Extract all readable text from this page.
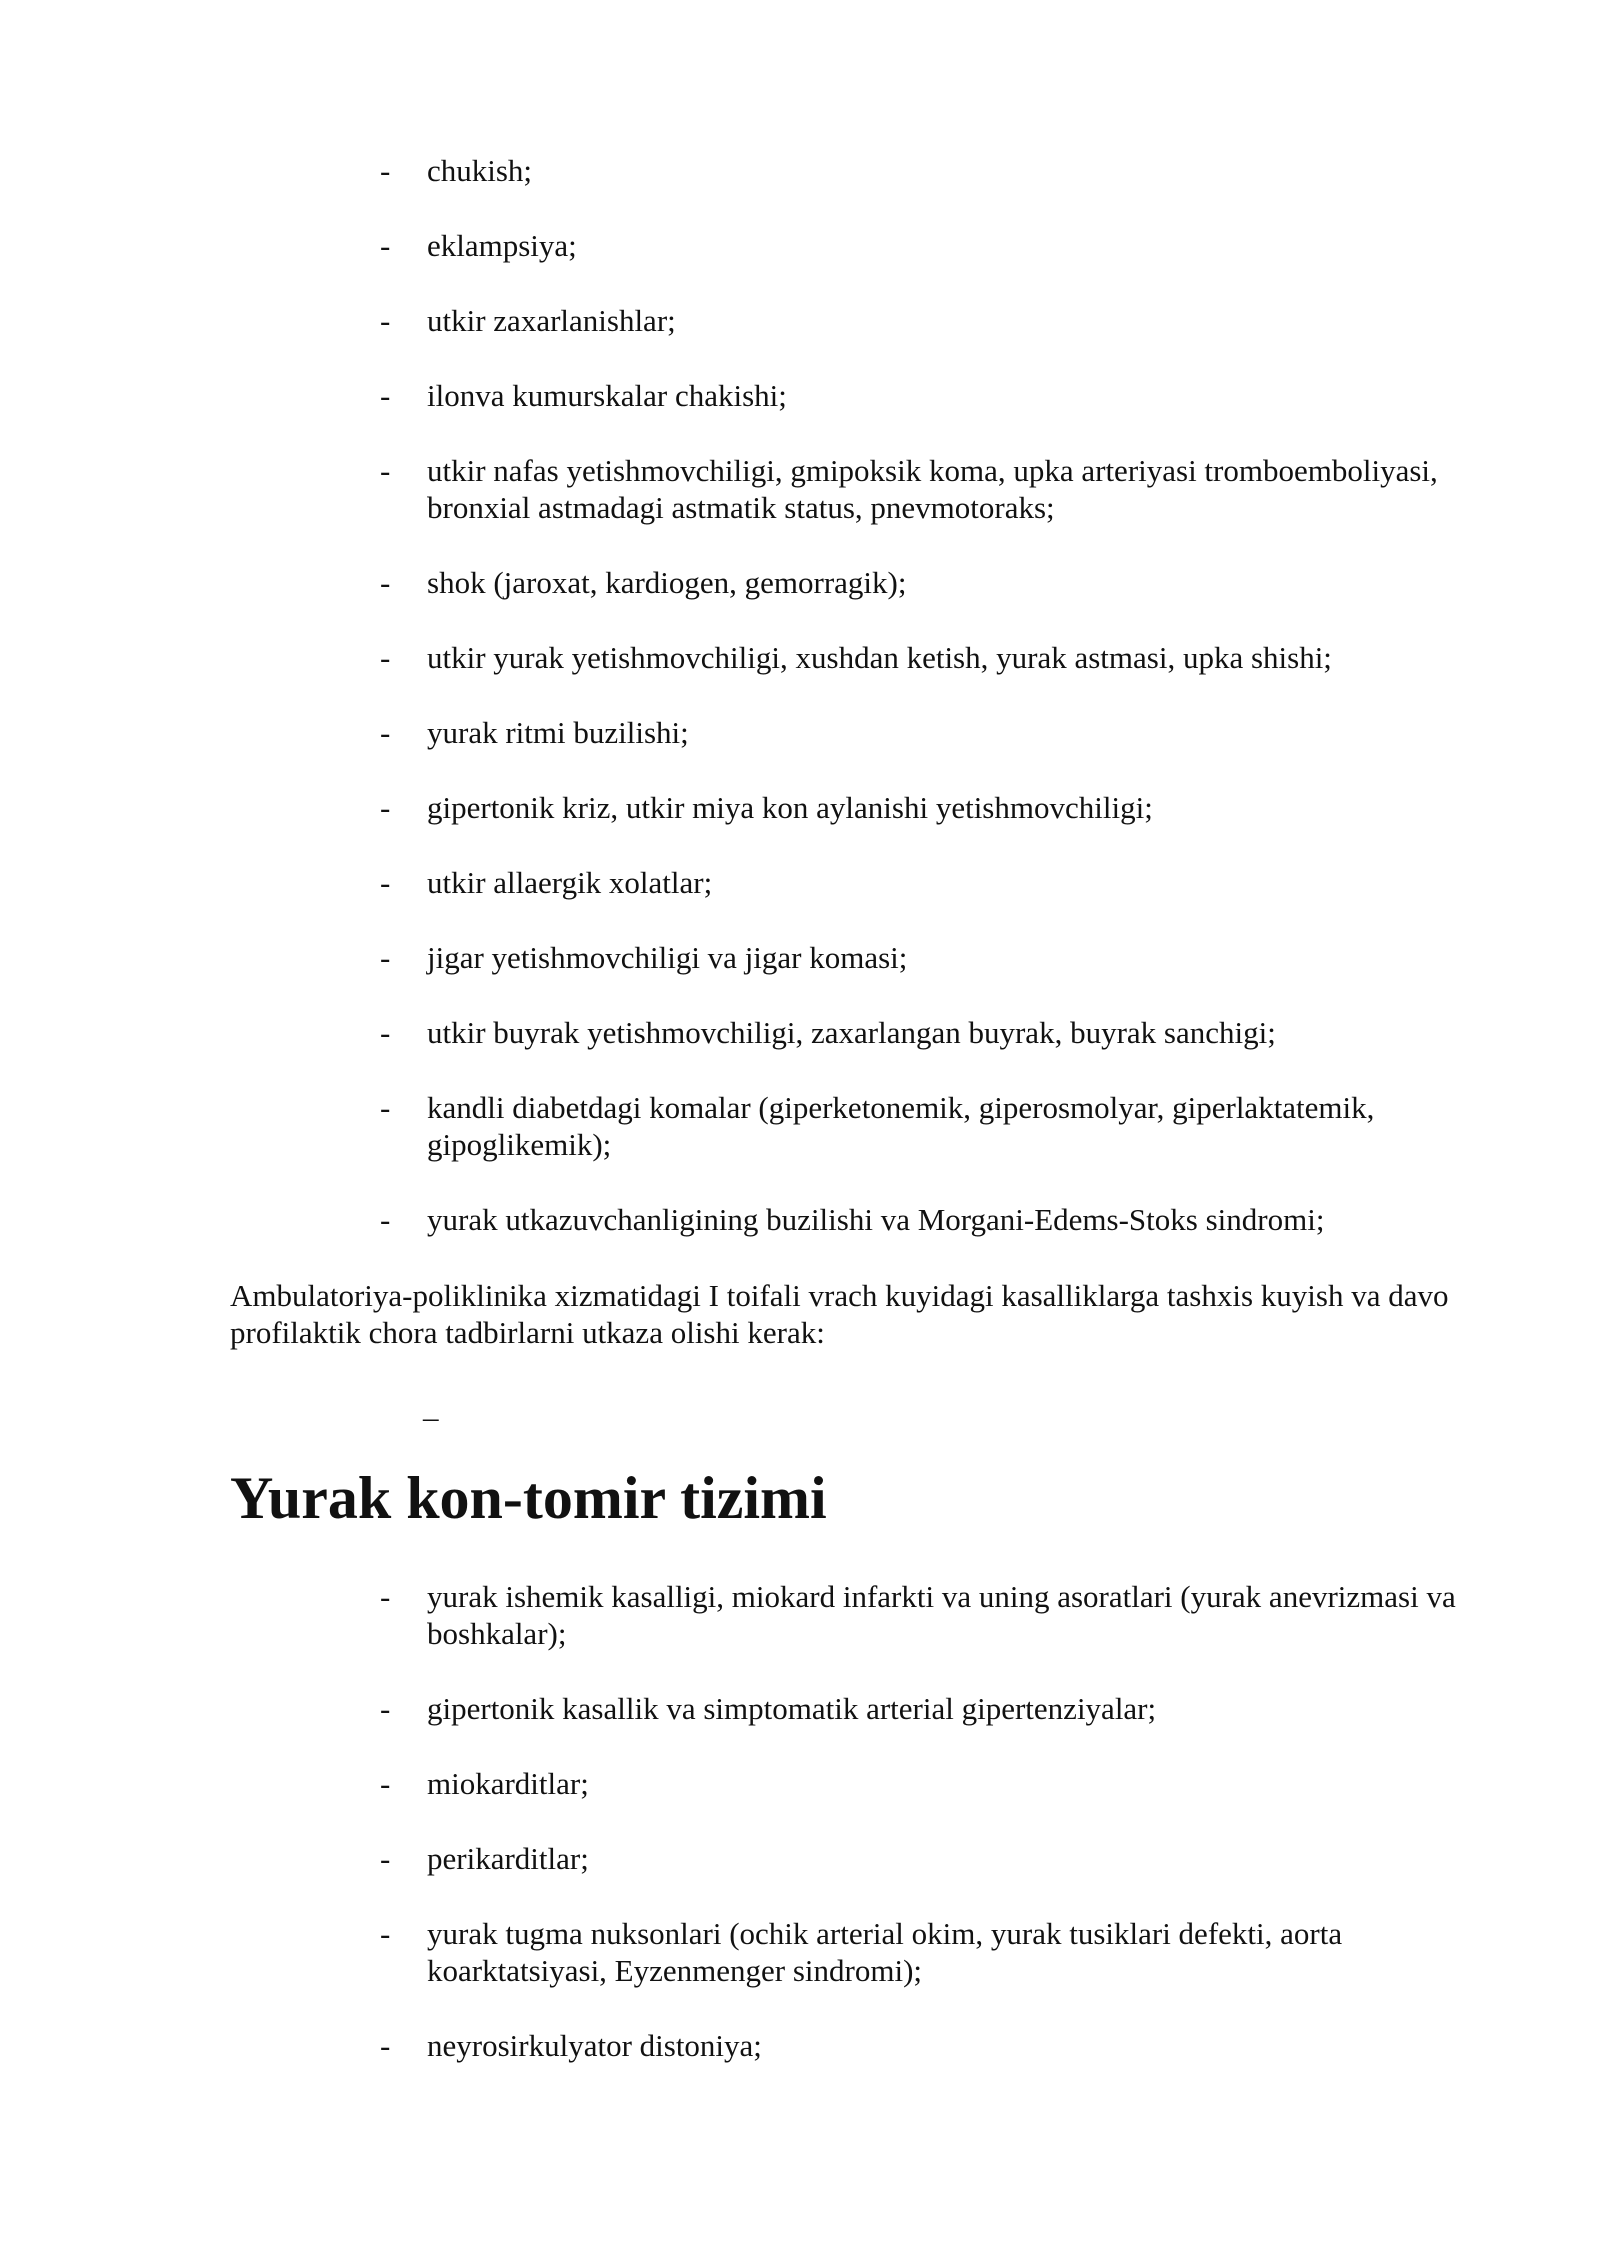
-	chukish;
-	eklampsiya;
-	utkir zaxarlanishlar;
-	ilonva kumurskalar chakishi;
-	utkir nafas yetishmovchiligi, gmipoksik koma, upka arteriyasi tromboemboliyasi, bronxial astmadagi astmatik status, pnevmotoraks;
-	shok (jaroxat, kardiogen, gemorragik);
-	utkir yurak yetishmovchiligi, xushdan ketish, yurak astmasi, upka shishi;
-	yurak ritmi buzilishi;
-	gipertonik kriz, utkir miya kon aylanishi yetishmovchiligi;
-	utkir allaergik xolatlar;
-	jigar yetishmovchiligi va jigar komasi;
-	utkir buyrak yetishmovchiligi, zaxarlangan buyrak, buyrak sanchigi;
-	kandli diabetdagi komalar (giperketonemik, giperosmolyar, giperlaktatemik, gipoglikemik);
-	yurak utkazuvchanligining buzilishi va Morgani-Edems-Stoks sindromi;

Ambulatoriya-poliklinika xizmatidagi I toifali vrach kuyidagi kasalliklarga tashxis kuyish va davo profilaktik chora tadbirlarni utkaza olishi kerak:

_
Yurak kon-tomir tizimi
-	yurak ishemik kasalligi, miokard infarkti va uning asoratlari (yurak anevrizmasi va boshkalar);
-	gipertonik kasallik va simptomatik arterial gipertenziyalar;
-	miokarditlar;
-	perikarditlar;
-	yurak tugma nuksonlari (ochik arterial okim, yurak tusiklari defekti, aorta koarktatsiyasi, Eyzenmenger sindromi);
-	neyrosirkulyator distoniya;
